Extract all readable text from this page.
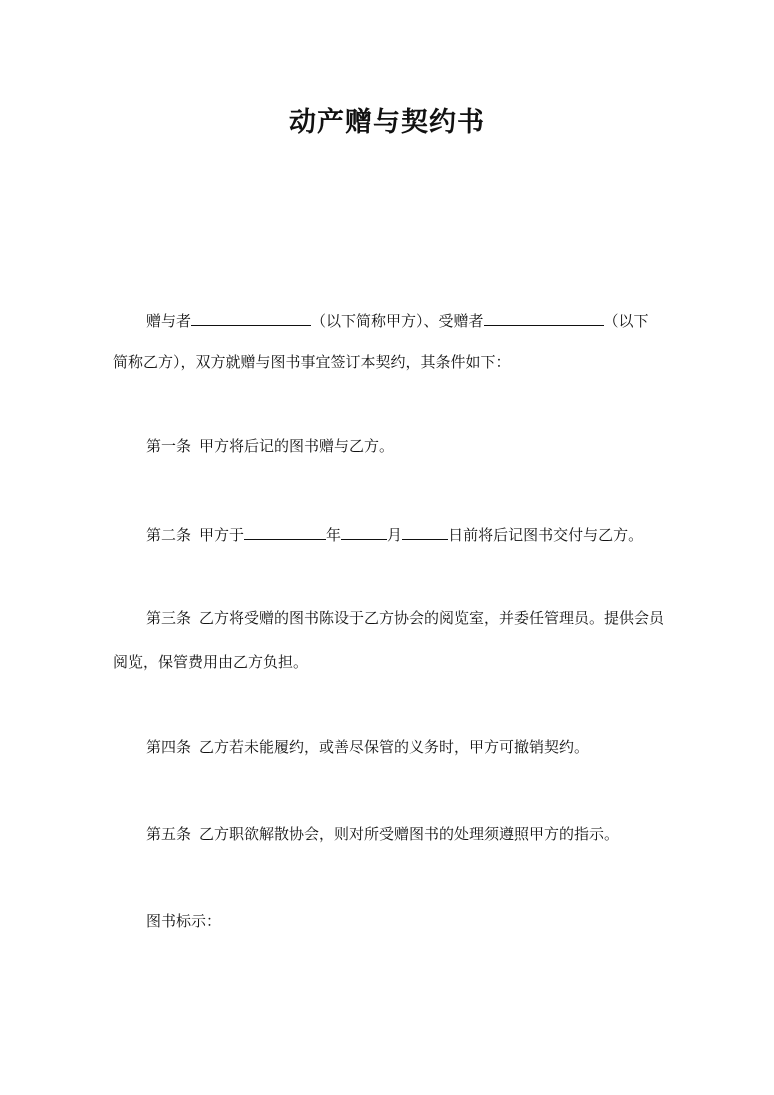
动产赠与契约书
赠与者	（以下简称甲方）、受赠者	（以下
简称乙方），双方就赠与图书事宜签订本契约，其条件如下：
第一条 甲方将后记的图书赠与乙方。
第二条 甲方于	年	月	日前将后记图书交付与乙方。
第三条 乙方将受赠的图书陈设于乙方协会的阅览室，并委任管理员。提供会员
阅览，保管费用由乙方负担。
第四条 乙方若未能履约，或善尽保管的义务时，甲方可撤销契约。
第五条 乙方职欲解散协会，则对所受赠图书的处理须遵照甲方的指示。
图书标示：
